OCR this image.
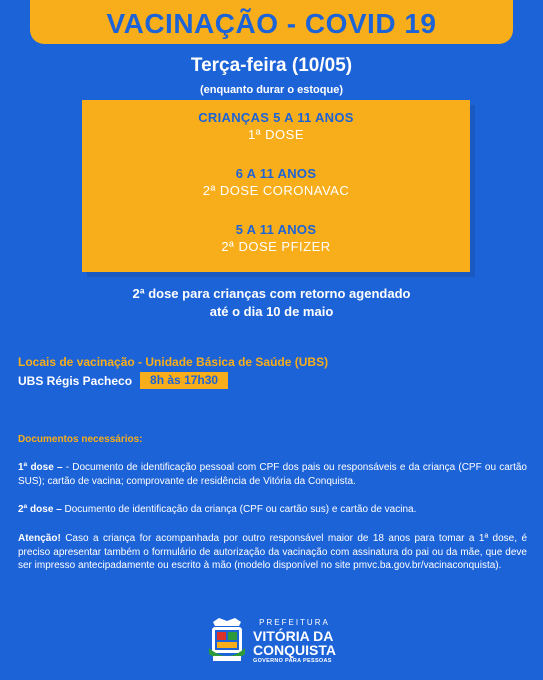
VACINAÇÃO - COVID 19
Terça-feira (10/05)
(enquanto durar o estoque)
CRIANÇAS 5 A 11 ANOS
1ª DOSE
6 A 11 ANOS
2ª DOSE CORONAVAC
5 A 11 ANOS
2ª DOSE PFIZER
2ª dose para crianças com retorno agendado
até o dia 10 de maio
Locais de vacinação - Unidade Básica de Saúde (UBS)
UBS Régis Pacheco	8h às 17h30
Documentos necessários:
1ª dose – - Documento de identificação pessoal com CPF dos pais ou responsáveis e da criança (CPF ou cartão SUS); cartão de vacina; comprovante de residência de Vitória da Conquista.
2ª dose – Documento de identificação da criança (CPF ou cartão sus) e cartão de vacina.
Atenção! Caso a criança for acompanhada por outro responsável maior de 18 anos para tomar a 1ª dose, é preciso apresentar também o formulário de autorização da vacinação com assinatura do pai ou da mãe, que deve ser impresso antecipadamente ou escrito à mão (modelo disponível no site pmvc.ba.gov.br/vacinaconquista).
PREFEITURA
VITÓRIA DA
CONQUISTA
GOVERNO PARA PESSOAS
